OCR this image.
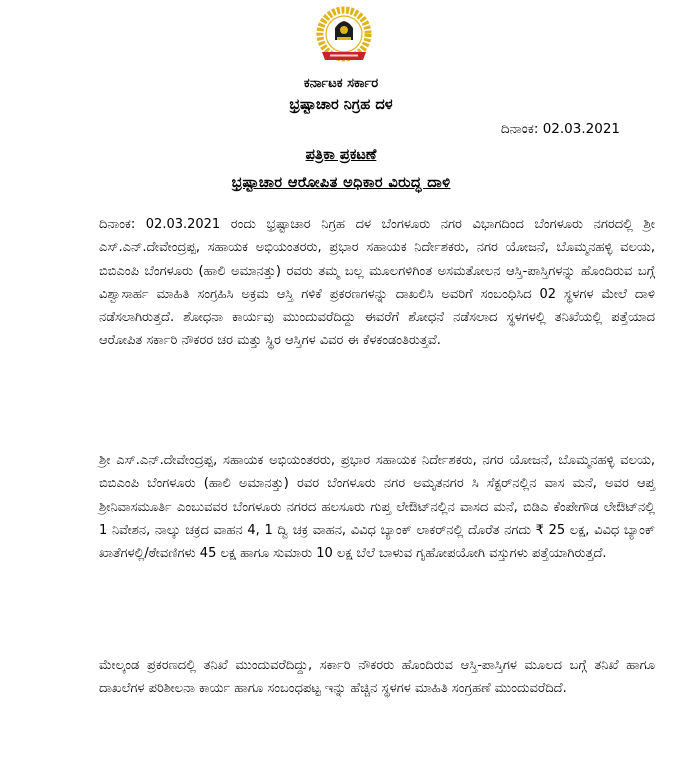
ಕರ್ನಾಟಕ ಸರ್ಕಾರ
ಭ್ರಷ್ಟಾಚಾರ ನಿಗ್ರಹ ದಳ
ದಿನಾಂಕ: 02.03.2021
ಪತ್ರಿಕಾ ಪ್ರಕಟಣೆ
ಭ್ರಷ್ಟಾಚಾರ ಆರೋಪಿತ ಅಧಿಕಾರ ವಿರುದ್ಧ ದಾಳಿ
ದಿನಾಂಕ: 02.03.2021 ರಂದು ಭ್ರಷ್ಟಾಚಾರ ನಿಗ್ರಹ ದಳ ಬೆಂಗಳೂರು ನಗರ ವಿಭಾಗದಿಂದ ಬೆಂಗಳೂರು ನಗರದಲ್ಲಿ ಶ್ರೀ ಎಸ್.ಎನ್.ದೇವೇಂದ್ರಪ್ಪ, ಸಹಾಯಕ ಅಭಿಯಂತರರು, ಪ್ರಭಾರ ಸಹಾಯಕ ನಿರ್ದೇಶಕರು, ನಗರ ಯೋಜನೆ, ಬೊಮ್ಮನಹಳ್ಳಿ ವಲಯ, ಬಿಬಿಎಂಪಿ ಬೆಂಗಳೂರು (ಹಾಲಿ ಅಮಾನತ್ತು) ರವರು ತಮ್ಮ ಬಲ್ಲ ಮೂಲಗಳಿಗಿಂತ ಅಸಮತೋಲನ ಆಸ್ತಿ-ಪಾಸ್ತಿಗಳನ್ನು ಹೊಂದಿರುವ ಬಗ್ಗೆ ವಿಶ್ವಾಸಾರ್ಹ ಮಾಹಿತಿ ಸಂಗ್ರಹಿಸಿ ಅಕ್ರಮ ಆಸ್ತಿ ಗಳಿಕೆ ಪ್ರಕರಣಗಳನ್ನು ದಾಖಲಿಸಿ ಅವರಿಗೆ ಸಂಬಂಧಿಸಿದ 02 ಸ್ಥಳಗಳ ಮೇಲೆ ದಾಳಿ ನಡೆಸಲಾಗಿರುತ್ತದೆ. ಶೋಧನಾ ಕಾರ್ಯವು ಮುಂದುವರೆದಿದ್ದು ಈವರೆಗೆ ಶೋಧನೆ ನಡೆಸಲಾದ ಸ್ಥಳಗಳಲ್ಲಿ ತನಿಖೆಯಲ್ಲಿ ಪತ್ತೆಯಾದ ಆರೋಪಿತ ಸರ್ಕಾರಿ ನೌಕರರ ಚರ ಮತ್ತು ಸ್ಥಿರ ಆಸ್ತಿಗಳ ವಿವರ ಈ ಕೆಳಕಂಡಂತಿರುತ್ತವೆ.
ಶ್ರೀ ಎಸ್.ಎನ್.ದೇವೇಂದ್ರಪ್ಪ, ಸಹಾಯಕ ಅಭಿಯಂತರರು, ಪ್ರಭಾರ ಸಹಾಯಕ ನಿರ್ದೇಶಕರು, ನಗರ ಯೋಜನೆ, ಬೊಮ್ಮನಹಳ್ಳಿ ವಲಯ, ಬಿಬಿಎಂಪಿ ಬೆಂಗಳೂರು (ಹಾಲಿ ಅಮಾನತ್ತು) ರವರ ಬೆಂಗಳೂರು ನಗರ ಅಮೃತನಗರ ಸಿ ಸೆಕ್ಟರ್‌ನಲ್ಲಿನ ವಾಸ ಮನೆ, ಅವರ ಆಪ್ತ ಶ್ರೀನಿವಾಸಮೂರ್ತಿ ಎಂಬುವವರ ಬೆಂಗಳೂರು ನಗರದ ಹಲಸೂರು ಗುಪ್ತ ಲೇಔಟ್‌ನಲ್ಲಿನ ವಾಸದ ಮನೆ, ಬಿಡಿಎ ಕೆಂಪೇಗೌಡ ಲೇಔಟ್‌ನಲ್ಲಿ 1 ನಿವೇಶನ, ನಾಲ್ಕು ಚಕ್ರದ ವಾಹನ 4, 1 ದ್ವಿ ಚಕ್ರ ವಾಹನ, ವಿವಿಧ ಬ್ಯಾಂಕ್ ಲಾಕರ್‌ನಲ್ಲಿ ದೊರೆತ ನಗದು ₹ 25 ಲಕ್ಷ, ವಿವಿಧ ಬ್ಯಾಂಕ್ ಖಾತೆಗಳಲ್ಲಿ/ಠೇವಣಿಗಳು 45 ಲಕ್ಷ ಹಾಗೂ ಸುಮಾರು 10 ಲಕ್ಷ ಬೆಲೆ ಬಾಳುವ ಗೃಹೋಪಯೋಗಿ ವಸ್ತುಗಳು ಪತ್ತೆಯಾಗಿರುತ್ತದೆ.
ಮೇಲ್ಕಂಡ ಪ್ರಕರಣದಲ್ಲಿ ತನಿಖೆ ಮುಂದುವರೆದಿದ್ದು, ಸರ್ಕಾರಿ ನೌಕರರು ಹೊಂದಿರುವ ಆಸ್ತಿ-ಪಾಸ್ತಿಗಳ ಮೂಲದ ಬಗ್ಗೆ ತನಿಖೆ ಹಾಗೂ ದಾಖಲೆಗಳ ಪರಿಶೀಲನಾ ಕಾರ್ಯ ಹಾಗೂ ಸಂಬಂಧಪಟ್ಟ ಇನ್ನು ಹೆಚ್ಚಿನ ಸ್ಥಳಗಳ ಮಾಹಿತಿ ಸಂಗ್ರಹಣೆ ಮುಂದುವರೆದಿದೆ.
